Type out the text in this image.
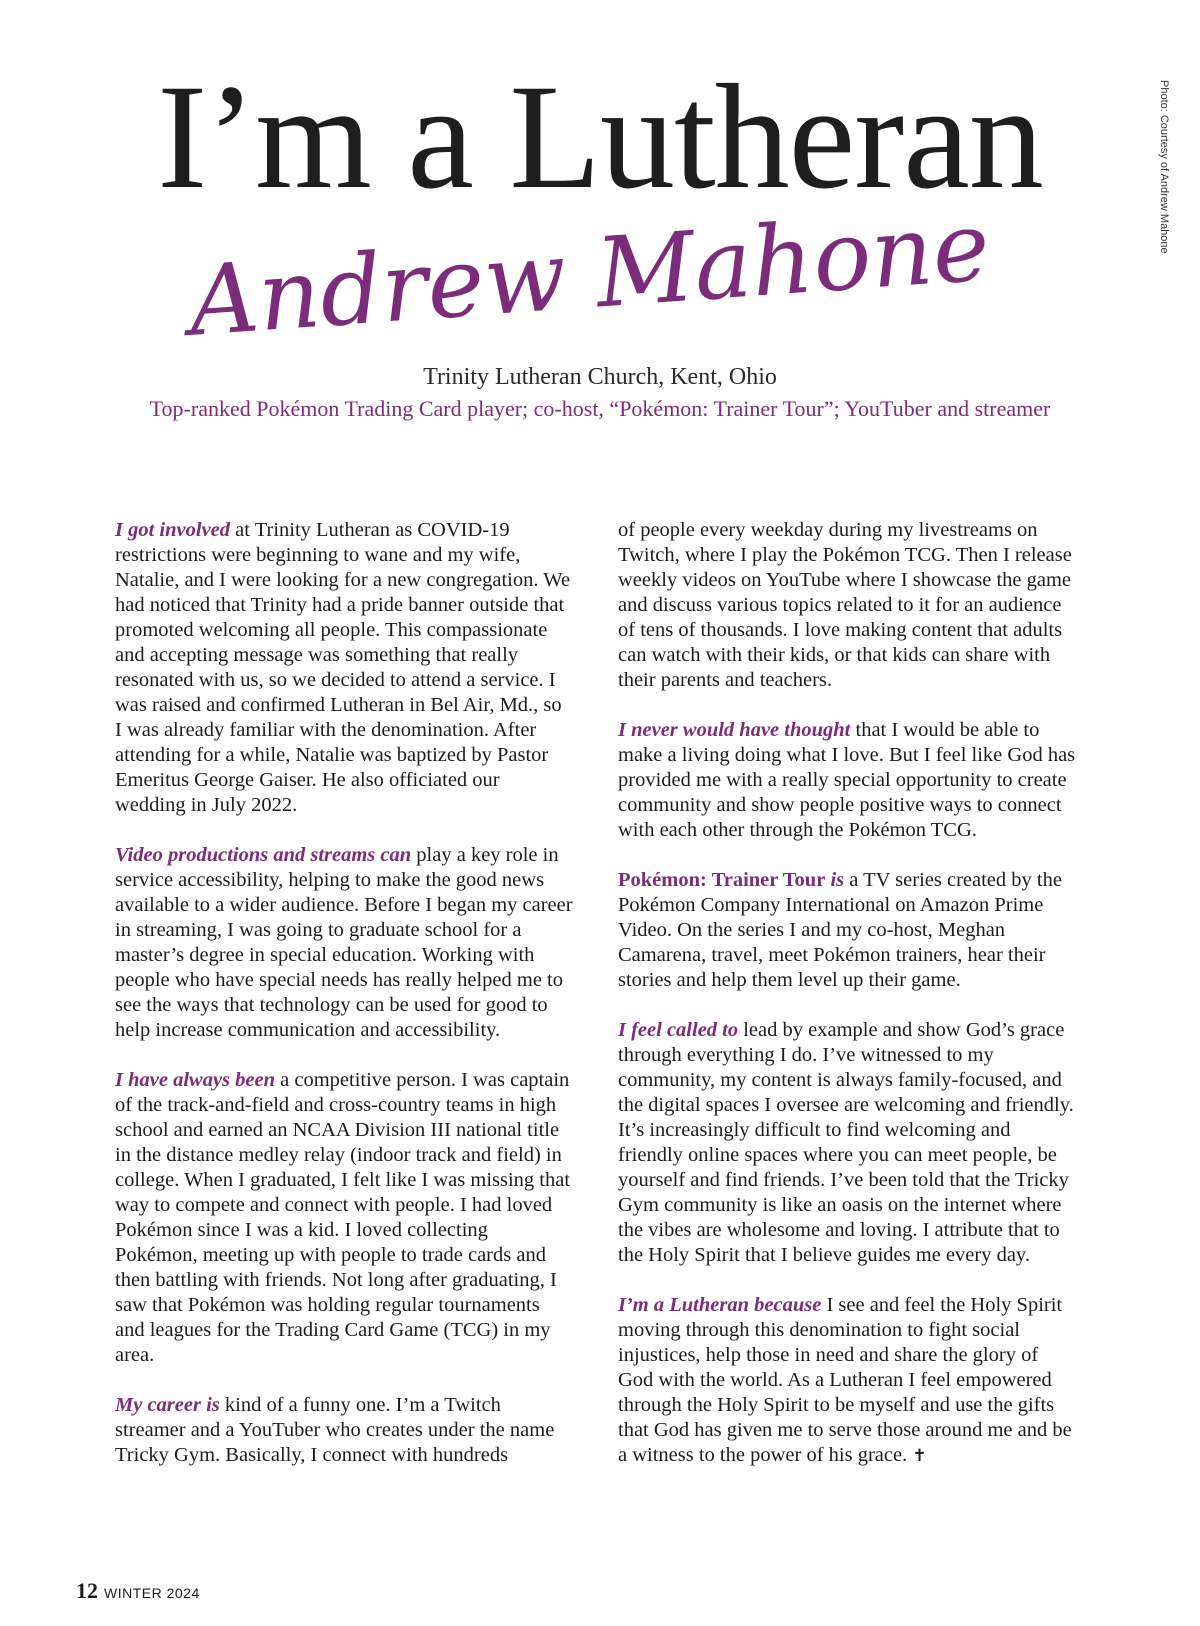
I’m a Lutheran
Andrew Mahone
Photo: Courtesy of Andrew Mahone
Trinity Lutheran Church, Kent, Ohio
Top-ranked Pokémon Trading Card player; co-host, “Pokémon: Trainer Tour”; YouTuber and streamer

I got involved at Trinity Lutheran as COVID-19 restrictions were beginning to wane and my wife, Natalie, and I were looking for a new congregation. We had noticed that Trinity had a pride banner outside that promoted welcoming all people. This compassionate and accepting message was something that really resonated with us, so we decided to attend a service. I was raised and confirmed Lutheran in Bel Air, Md., so I was already familiar with the denomination. After attending for a while, Natalie was baptized by Pastor Emeritus George Gaiser. He also officiated our wedding in July 2022.

Video productions and streams can play a key role in service accessibility, helping to make the good news available to a wider audience. Before I began my career in streaming, I was going to graduate school for a master’s degree in special education. Working with people who have special needs has really helped me to see the ways that technology can be used for good to help increase communication and accessibility.

I have always been a competitive person. I was captain of the track-and-field and cross-country teams in high school and earned an NCAA Division III national title in the distance medley relay (indoor track and field) in college. When I graduated, I felt like I was missing that way to compete and connect with people. I had loved Pokémon since I was a kid. I loved collecting Pokémon, meeting up with people to trade cards and then battling with friends. Not long after graduating, I saw that Pokémon was holding regular tournaments and leagues for the Trading Card Game (TCG) in my area.

My career is kind of a funny one. I’m a Twitch streamer and a YouTuber who creates under the name Tricky Gym. Basically, I connect with hundreds

of people every weekday during my livestreams on Twitch, where I play the Pokémon TCG. Then I release weekly videos on YouTube where I showcase the game and discuss various topics related to it for an audience of tens of thousands. I love making content that adults can watch with their kids, or that kids can share with their parents and teachers.

I never would have thought that I would be able to make a living doing what I love. But I feel like God has provided me with a really special opportunity to create community and show people positive ways to connect with each other through the Pokémon TCG.

Pokémon: Trainer Tour is a TV series created by the Pokémon Company International on Amazon Prime Video. On the series I and my co-host, Meghan Camarena, travel, meet Pokémon trainers, hear their stories and help them level up their game.

I feel called to lead by example and show God’s grace through everything I do. I’ve witnessed to my community, my content is always family-focused, and the digital spaces I oversee are welcoming and friendly. It’s increasingly difficult to find welcoming and friendly online spaces where you can meet people, be yourself and find friends. I’ve been told that the Tricky Gym community is like an oasis on the internet where the vibes are wholesome and loving. I attribute that to the Holy Spirit that I believe guides me every day.

I’m a Lutheran because I see and feel the Holy Spirit moving through this denomination to fight social injustices, help those in need and share the glory of God with the world. As a Lutheran I feel empowered through the Holy Spirit to be myself and use the gifts that God has given me to serve those around me and be a witness to the power of his grace. ✝

12 WINTER 2024
